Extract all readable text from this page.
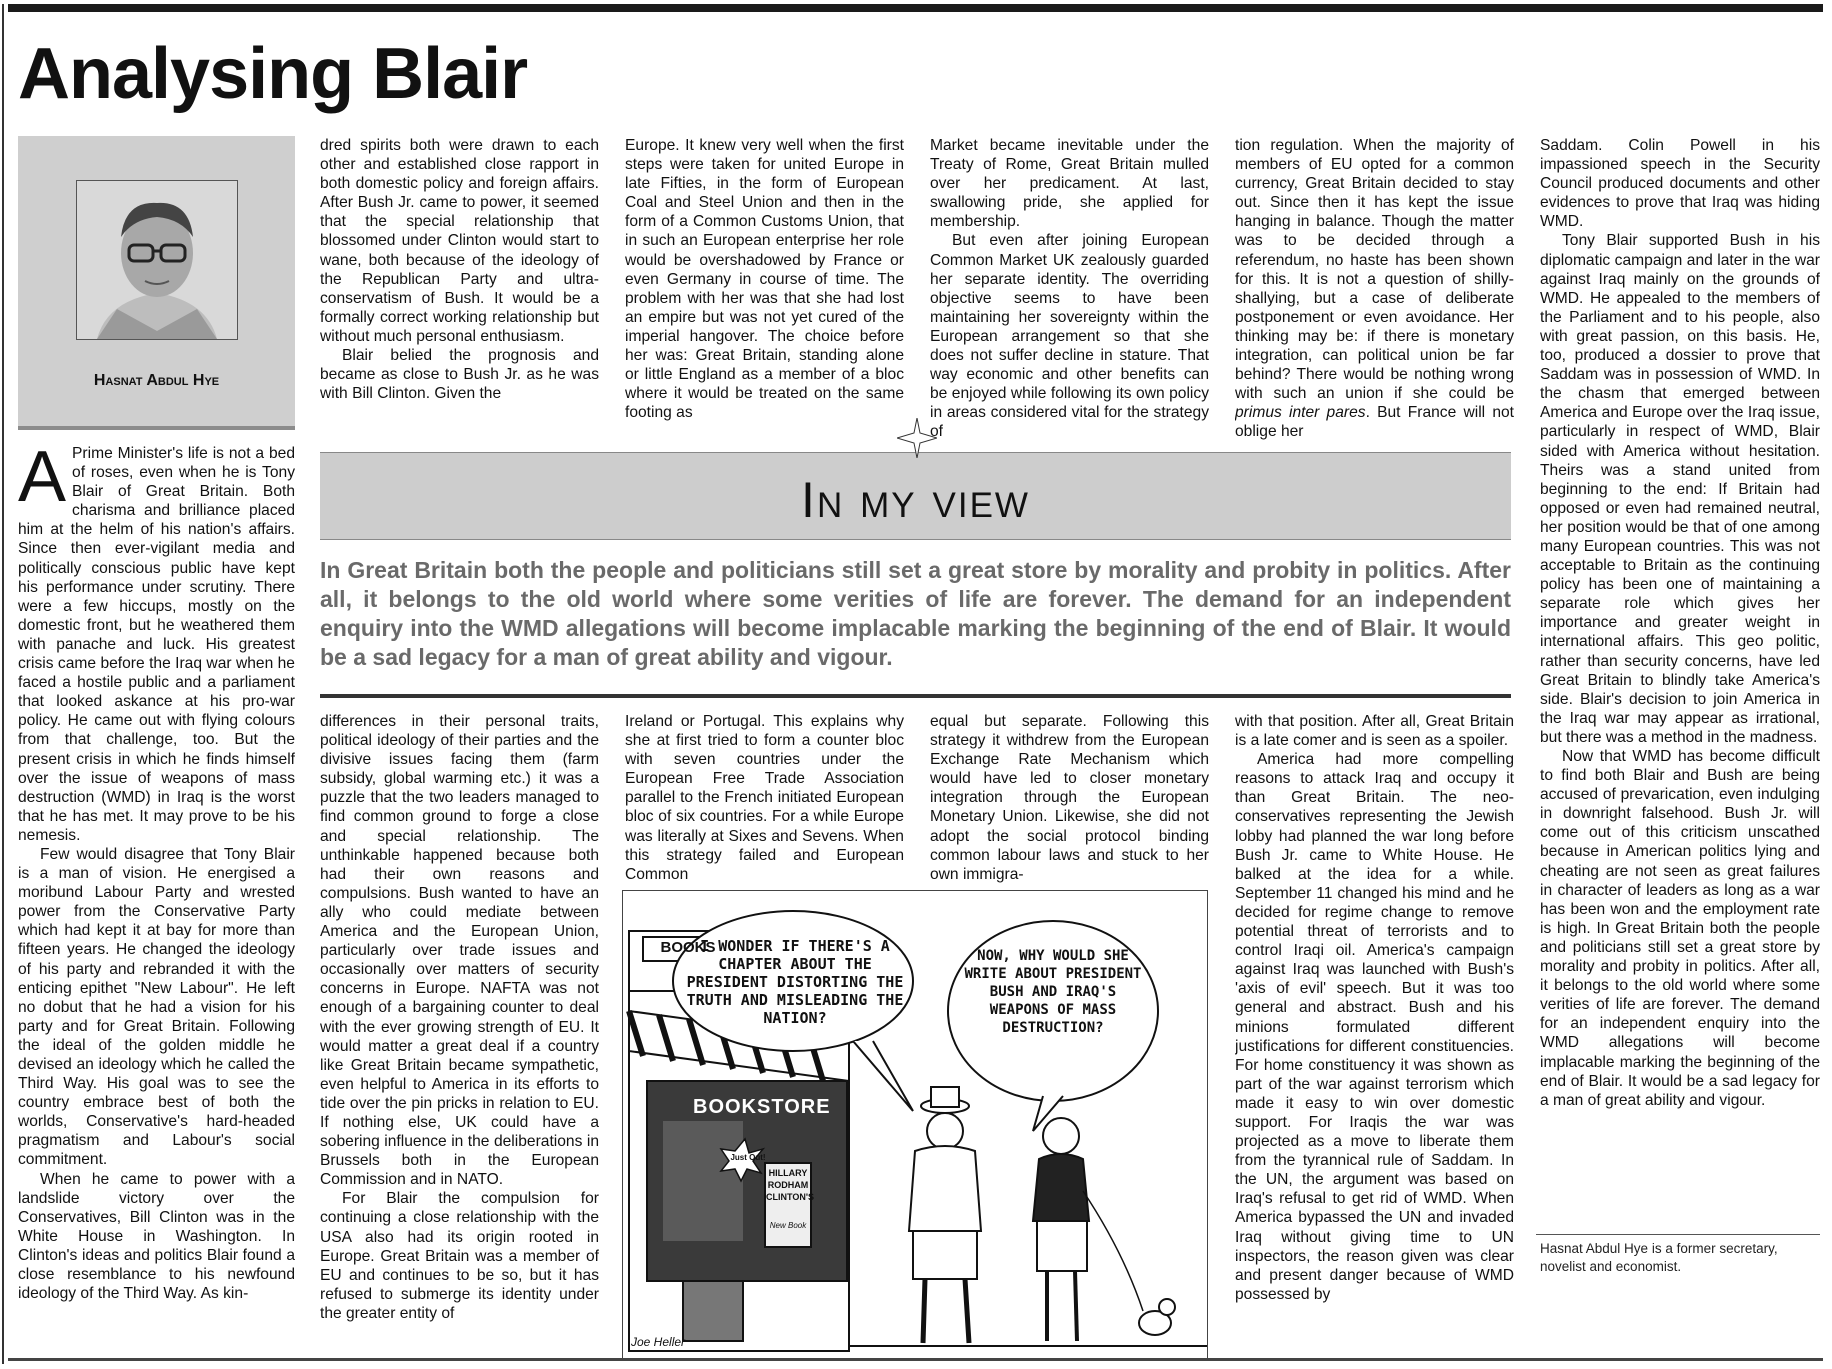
Analysing Blair
Hasnat Abdul Hye

A Prime Minister's life is not a bed of roses, even when he is Tony Blair of Great Britain. Both charisma and brilliance placed him at the helm of his nation's affairs. Since then ever-vigilant media and politically conscious public have kept his performance under scrutiny. There were a few hiccups, mostly on the domestic front, but he weathered them with panache and luck. His greatest crisis came before the Iraq war when he faced a hostile public and a parliament that looked askance at his pro-war policy. He came out with flying colours from that challenge, too. But the present crisis in which he finds himself over the issue of weapons of mass destruction (WMD) in Iraq is the worst that he has met. It may prove to be his nemesis.

Few would disagree that Tony Blair is a man of vision. He energised a moribund Labour Party and wrested power from the Conservative Party which had kept it at bay for more than fifteen years. He changed the ideology of his party and rebranded it with the enticing epithet "New Labour". He left no dobut that he had a vision for his party and for Great Britain. Following the ideal of the golden middle he devised an ideology which he called the Third Way. His goal was to see the country embrace best of both the worlds, Conservative's hard-headed pragmatism and Labour's social commitment.

When he came to power with a landslide victory over the Conservatives, Bill Clinton was in the White House in Washington. In Clinton's ideas and politics Blair found a close resemblance to his newfound ideology of the Third Way. As kin-

dred spirits both were drawn to each other and established close rapport in both domestic policy and foreign affairs. After Bush Jr. came to power, it seemed that the special relationship that blossomed under Clinton would start to wane, both because of the ideology of the Republican Party and ultra-conservatism of Bush. It would be a formally correct working relationship but without much personal enthusiasm.

Blair belied the prognosis and became as close to Bush Jr. as he was with Bill Clinton. Given the

Europe. It knew very well when the first steps were taken for united Europe in late Fifties, in the form of European Coal and Steel Union and then in the form of a Common Customs Union, that in such an European enterprise her role would be overshadowed by France or even Germany in course of time. The problem with her was that she had lost an empire but was not yet cured of the imperial hangover. The choice before her was: Great Britain, standing alone or little England as a member of a bloc where it would be treated on the same footing as

Market became inevitable under the Treaty of Rome, Great Britain mulled over her predicament. At last, swallowing pride, she applied for membership.

But even after joining European Common Market UK zealously guarded her separate identity. The overriding objective seems to have been maintaining her sovereignty within the European arrangement so that she does not suffer decline in stature. That way economic and other benefits can be enjoyed while following its own policy in areas considered vital for the strategy of

tion regulation. When the majority of members of EU opted for a common currency, Great Britain decided to stay out. Since then it has kept the issue hanging in balance. Though the matter was to be decided through a referendum, no haste has been shown for this. It is not a question of shilly-shallying, but a case of deliberate postponement or even avoidance. Her thinking may be: if there is monetary integration, can political union be far behind? There would be nothing wrong with such an union if she could be primus inter pares. But France will not oblige her

In my view
In Great Britain both the people and politicians still set a great store by morality and probity in politics. After all, it belongs to the old world where some verities of life are forever. The demand for an independent enquiry into the WMD allegations will become implacable marking the beginning of the end of Blair. It would be a sad legacy for a man of great ability and vigour.

Saddam. Colin Powell in his impassioned speech in the Security Council produced documents and other evidences to prove that Iraq was hiding WMD.

Tony Blair supported Bush in his diplomatic campaign and later in the war against Iraq mainly on the grounds of WMD. He appealed to the members of the Parliament and to his people, also with great passion, on this basis. He, too, produced a dossier to prove that Saddam was in possession of WMD. In the chasm that emerged between America and Europe over the Iraq issue, particularly in respect of WMD, Blair sided with America without hesitation. Theirs was a stand united from beginning to the end: If Britain had opposed or even had remained neutral, her position would be that of one among many European countries. This was not acceptable to Britain as the continuing policy has been one of maintaining a separate role which gives her importance and greater weight in international affairs. This geo politic, rather than security concerns, have led Great Britain to blindly take America's side. Blair's decision to join America in the Iraq war may appear as irrational, but there was a method in the madness.

Now that WMD has become difficult to find both Blair and Bush are being accused of prevarication, even indulging in downright falsehood. Bush Jr. will come out of this criticism unscathed because in American politics lying and cheating are not seen as great failures in character of leaders as long as a war has been won and the employment rate is high. In Great Britain both the people and politicians still set a great store by morality and probity in politics. After all, it belongs to the old world where some verities of life are forever. The demand for an independent enquiry into the WMD allegations will become implacable marking the beginning of the end of Blair. It would be a sad legacy for a man of great ability and vigour.

Hasnat Abdul Hye is a former secretary, novelist and economist.

differences in their personal traits, political ideology of their parties and the divisive issues facing them (farm subsidy, global warming etc.) it was a puzzle that the two leaders managed to find common ground to forge a close and special relationship. The unthinkable happened because both had their own reasons and compulsions. Bush wanted to have an ally who could mediate between America and the European Union, particularly over trade issues and occasionally over matters of security concerns in Europe. NAFTA was not enough of a bargaining counter to deal with the ever growing strength of EU. It would matter a great deal if a country like Great Britain became sympathetic, even helpful to America in its efforts to tide over the pin pricks in relation to EU. If nothing else, UK could have a sobering influence in the deliberations in Brussels both in the European Commission and in NATO.

For Blair the compulsion for continuing a close relationship with the USA also had its origin rooted in Europe. Great Britain was a member of EU and continues to be so, but it has refused to submerge its identity under the greater entity of

Ireland or Portugal. This explains why she at first tried to form a counter bloc with seven countries under the European Free Trade Association parallel to the French initiated European bloc of six countries. For a while Europe was literally at Sixes and Sevens. When this strategy failed and European Common

equal but separate. Following this strategy it withdrew from the European Exchange Rate Mechanism which would have led to closer monetary integration through the European Monetary Union. Likewise, she did not adopt the social protocol binding common labour laws and stuck to her own immigra-

with that position. After all, Great Britain is a late comer and is seen as a spoiler.

America had more compelling reasons to attack Iraq and occupy it than Great Britain. The neo-conservatives representing the Jewish lobby had planned the war long before Bush Jr. came to White House. He balked at the idea for a while. September 11 changed his mind and he decided for regime change to remove potential threat of terrorists and to control Iraqi oil. America's campaign against Iraq was launched with Bush's 'axis of evil' speech. But it was too general and abstract. Bush and his minions formulated different justifications for different constituencies. For home constituency it was shown as part of the war against terrorism which made it easy to win over domestic support. For Iraqis the war was projected as a move to liberate them from the tyrannical rule of Saddam. In the UN, the argument was based on Iraq's refusal to get rid of WMD. When America bypassed the UN and invaded Iraq without giving time to UN inspectors, the reason given was clear and present danger because of WMD possessed by

I WONDER IF THERE'S A CHAPTER ABOUT THE PRESIDENT DISTORTING THE TRUTH AND MISLEADING THE NATION?
NOW, WHY WOULD SHE WRITE ABOUT PRESIDENT BUSH AND IRAQ'S WEAPONS OF MASS DESTRUCTION?
BOOKS
BOOKSTORE
Just Out!
HILLARY RODHAM CLINTON'S
New Book
Joe Heller
